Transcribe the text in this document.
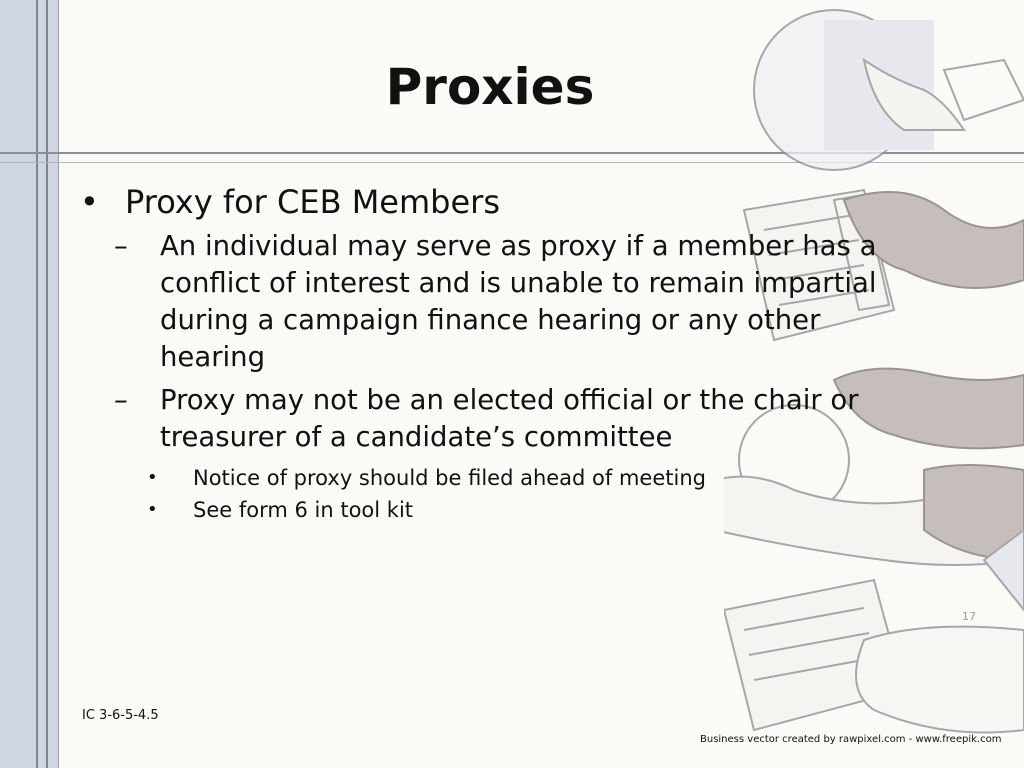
Proxies
• Proxy for CEB Members
– An individual may serve as proxy if a member has a conflict of interest and is unable to remain impartial during a campaign finance hearing or any other hearing
– Proxy may not be an elected official or the chair or treasurer of a candidate’s committee
• Notice of proxy should be filed ahead of meeting
• See form 6 in tool kit
17
IC 3-6-5-4.5
Business vector created by rawpixel.com - www.freepik.com
